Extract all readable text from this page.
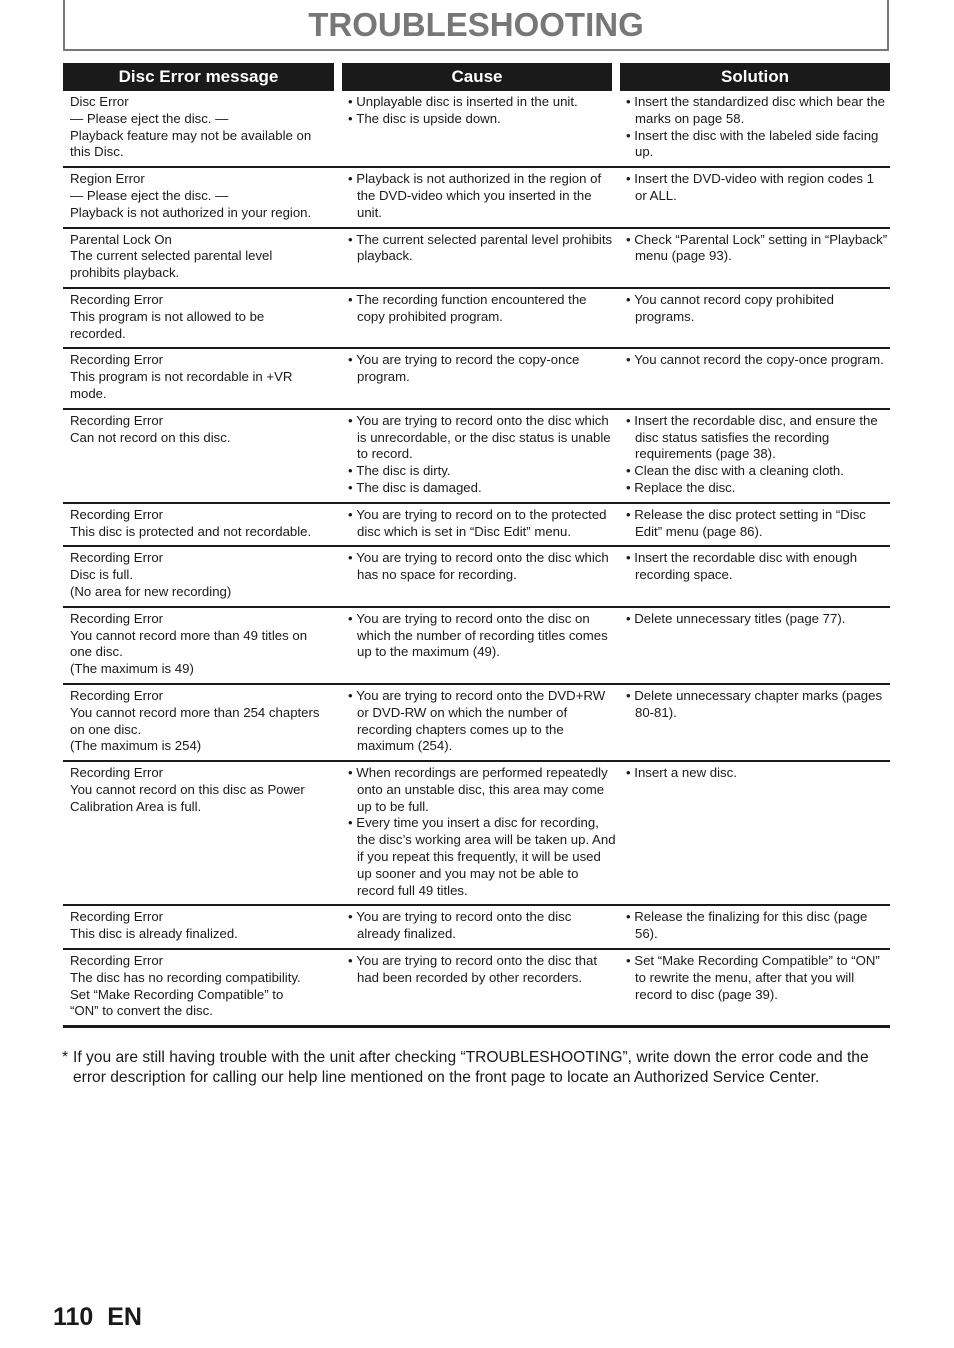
TROUBLESHOOTING
Disc Error message	Cause	Solution
Disc Error
— Please eject the disc. —
Playback feature may not be available on
this Disc.
• Unplayable disc is inserted in the unit.
• The disc is upside down.
• Insert the standardized disc which bear the marks on page 58.
• Insert the disc with the labeled side facing up.
Region Error
— Please eject the disc. —
Playback is not authorized in your region.
• Playback is not authorized in the region of the DVD-video which you inserted in the unit.
• Insert the DVD-video with region codes 1 or ALL.
Parental Lock On
The current selected parental level
prohibits playback.
• The current selected parental level prohibits playback.
• Check “Parental Lock” setting in “Playback” menu (page 93).
Recording Error
This program is not allowed to be
recorded.
• The recording function encountered the copy prohibited program.
• You cannot record copy prohibited programs.
Recording Error
This program is not recordable in +VR
mode.
• You are trying to record the copy-once program.
• You cannot record the copy-once program.
Recording Error
Can not record on this disc.
• You are trying to record onto the disc which is unrecordable, or the disc status is unable to record.
• The disc is dirty.
• The disc is damaged.
• Insert the recordable disc, and ensure the disc status satisfies the recording requirements (page 38).
• Clean the disc with a cleaning cloth.
• Replace the disc.
Recording Error
This disc is protected and not recordable.
• You are trying to record on to the protected disc which is set in “Disc Edit” menu.
• Release the disc protect setting in “Disc Edit” menu (page 86).
Recording Error
Disc is full.
(No area for new recording)
• You are trying to record onto the disc which has no space for recording.
• Insert the recordable disc with enough recording space.
Recording Error
You cannot record more than 49 titles on
one disc.
(The maximum is 49)
• You are trying to record onto the disc on which the number of recording titles comes up to the maximum (49).
• Delete unnecessary titles (page 77).
Recording Error
You cannot record more than 254 chapters
on one disc.
(The maximum is 254)
• You are trying to record onto the DVD+RW or DVD-RW on which the number of recording chapters comes up to the maximum (254).
• Delete unnecessary chapter marks (pages 80-81).
Recording Error
You cannot record on this disc as Power
Calibration Area is full.
• When recordings are performed repeatedly onto an unstable disc, this area may come up to be full.
• Every time you insert a disc for recording, the disc’s working area will be taken up. And if you repeat this frequently, it will be used up sooner and you may not be able to record full 49 titles.
• Insert a new disc.
Recording Error
This disc is already finalized.
• You are trying to record onto the disc already finalized.
• Release the finalizing for this disc (page 56).
Recording Error
The disc has no recording compatibility.
Set “Make Recording Compatible” to
“ON” to convert the disc.
• You are trying to record onto the disc that had been recorded by other recorders.
• Set “Make Recording Compatible” to “ON” to rewrite the menu, after that you will record to disc (page 39).
* If you are still having trouble with the unit after checking “TROUBLESHOOTING”, write down the error code and the error description for calling our help line mentioned on the front page to locate an Authorized Service Center.
110  EN
